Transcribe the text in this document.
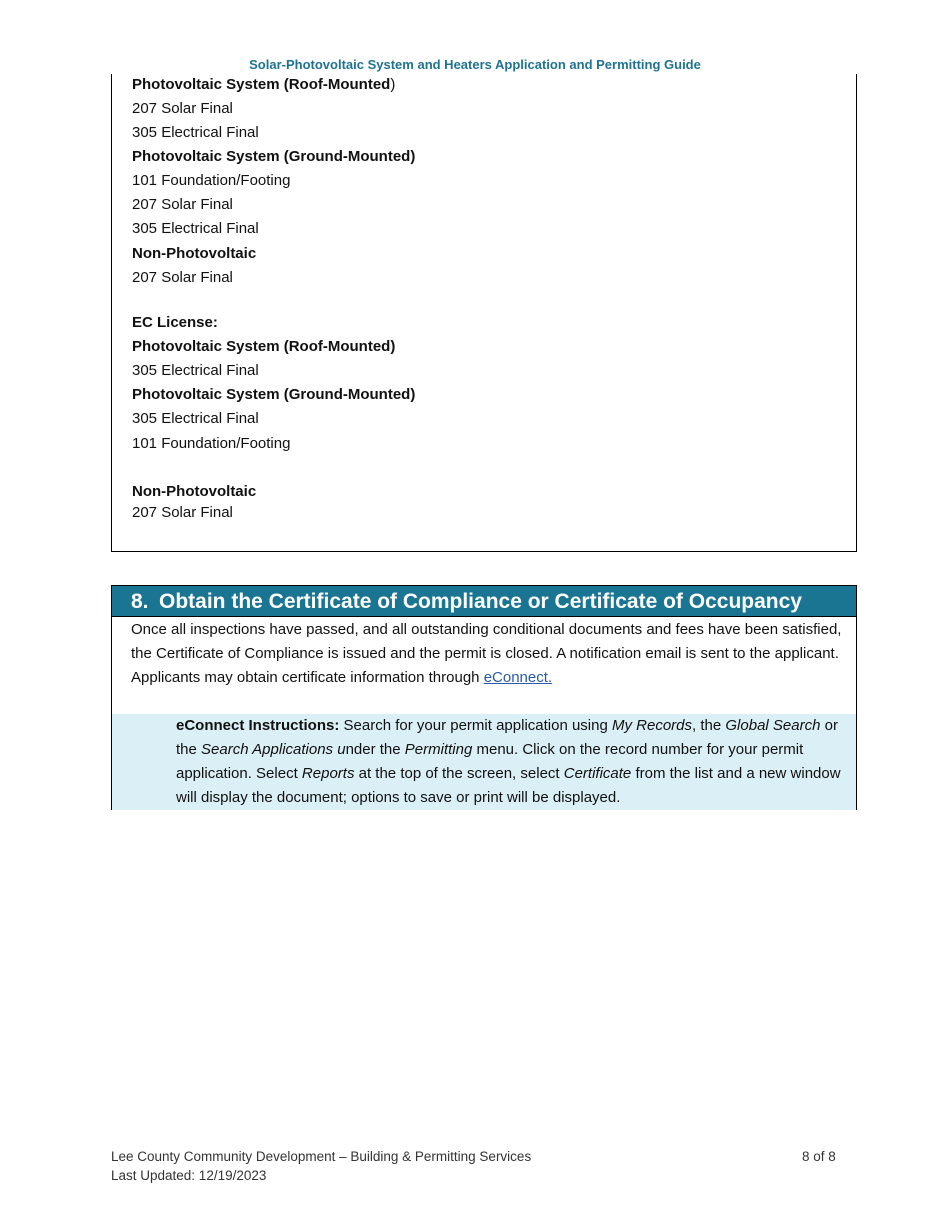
Solar-Photovoltaic System and Heaters Application and Permitting Guide
Photovoltaic System (Roof-Mounted)
207 Solar Final
305 Electrical Final
Photovoltaic System (Ground-Mounted)
101 Foundation/Footing
207 Solar Final
305 Electrical Final
Non-Photovoltaic
207 Solar Final
EC License:
Photovoltaic System (Roof-Mounted)
305 Electrical Final
Photovoltaic System (Ground-Mounted)
305 Electrical Final
101 Foundation/Footing
Non-Photovoltaic
207 Solar Final
8. Obtain the Certificate of Compliance or Certificate of Occupancy
Once all inspections have passed, and all outstanding conditional documents and fees have been satisfied, the Certificate of Compliance is issued and the permit is closed. A notification email is sent to the applicant. Applicants may obtain certificate information through eConnect.
eConnect Instructions: Search for your permit application using My Records, the Global Search or the Search Applications under the Permitting menu. Click on the record number for your permit application. Select Reports at the top of the screen, select Certificate from the list and a new window will display the document; options to save or print will be displayed.
Lee County Community Development – Building & Permitting Services
Last Updated: 12/19/2023
8 of 8
